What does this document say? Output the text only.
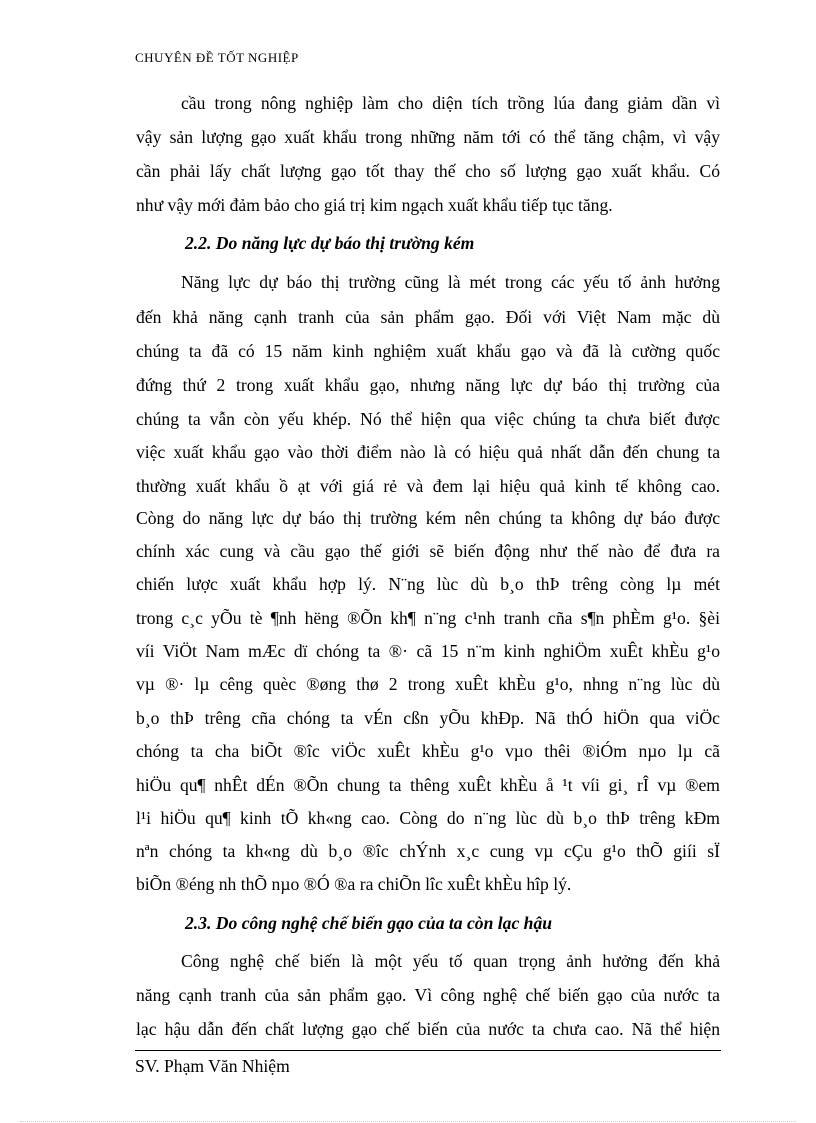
CHUYÊN ĐỀ TỐT NGHIỆP
cầu trong nông nghiệp làm cho diện tích trồng lúa đang giảm dần vì
vậy sản lượng gạo xuất khẩu trong những năm tới có thể tăng chậm, vì vậy
cần phải lấy chất lượng gạo tốt thay thế cho số lượng gạo xuất khẩu. Có
như vậy mới đảm bảo cho giá trị kim ngạch xuất khẩu tiếp tục tăng.
2.2. Do năng lực dự báo thị trường kém
Năng lực dự báo thị trường cũng là mét trong các yếu tố ảnh hưởng
đến khả năng cạnh tranh của sản phẩm gạo. Đối với Việt Nam mặc dù
chúng ta đã có 15 năm kinh nghiệm xuất khẩu gạo và đã là cường quốc
đứng thứ 2 trong xuất khẩu gạo, nhưng năng lực dự báo thị trường của
chúng ta vẫn còn yếu khép. Nó thể hiện qua việc chúng ta chưa biết được
việc xuất khẩu gạo vào thời điểm nào là có hiệu quả nhất dẫn đến chung ta
thường xuất khẩu ồ ạt với giá rẻ và đem lại hiệu quả kinh tế không cao.
Còng do năng lực dự báo thị trường kém nên chúng ta không dự báo được
chính xác cung và cầu gạo thế giới sẽ biến động như thế nào để đưa ra
chiến lược xuất khẩu hợp lý. N¨ng lùc dù b¸o thÞ trêng còng lµ mét
trong c¸c yÕu tè ¶nh hëng ®Õn kh¶ n¨ng c¹nh tranh cña s¶n phÈm g¹o. §èi
víi ViÖt Nam mÆc dï chóng ta ®· cã 15 n¨m kinh nghiÖm xuÊt khÈu g¹o
vµ ®· lµ cêng quèc ®øng thø 2 trong xuÊt khÈu g¹o, nhng n¨ng lùc dù
b¸o thÞ trêng cña chóng ta vÉn cßn yÕu khÐp. Nã thÓ hiÖn qua viÖc
chóng ta cha biÕt ®îc viÖc xuÊt khÈu g¹o vµo thêi ®iÓm nµo lµ cã
hiÖu qu¶ nhÊt dÉn ®Õn chung ta thêng xuÊt khÈu å ¹t víi gi¸ rÎ vµ ®em
l¹i hiÖu qu¶ kinh tÕ kh«ng cao. Còng do n¨ng lùc dù b¸o thÞ trêng kÐm
nªn chóng ta kh«ng dù b¸o ®îc chÝnh x¸c cung vµ cÇu g¹o thÕ giíi sÏ
biÕn ®éng nh thÕ nµo ®Ó ®a ra chiÕn lîc xuÊt khÈu hîp lý.
2.3. Do công nghệ chế biến gạo của ta còn lạc hậu
Công nghệ chế biến là một yếu tố quan trọng ảnh hưởng đến khả
năng cạnh tranh của sản phẩm gạo. Vì công nghệ chế biến gạo của nước ta
lạc hậu dẫn đến chất lượng gạo chế biến của nước ta chưa cao. Nã thể hiện
SV. Phạm Văn Nhiệm
